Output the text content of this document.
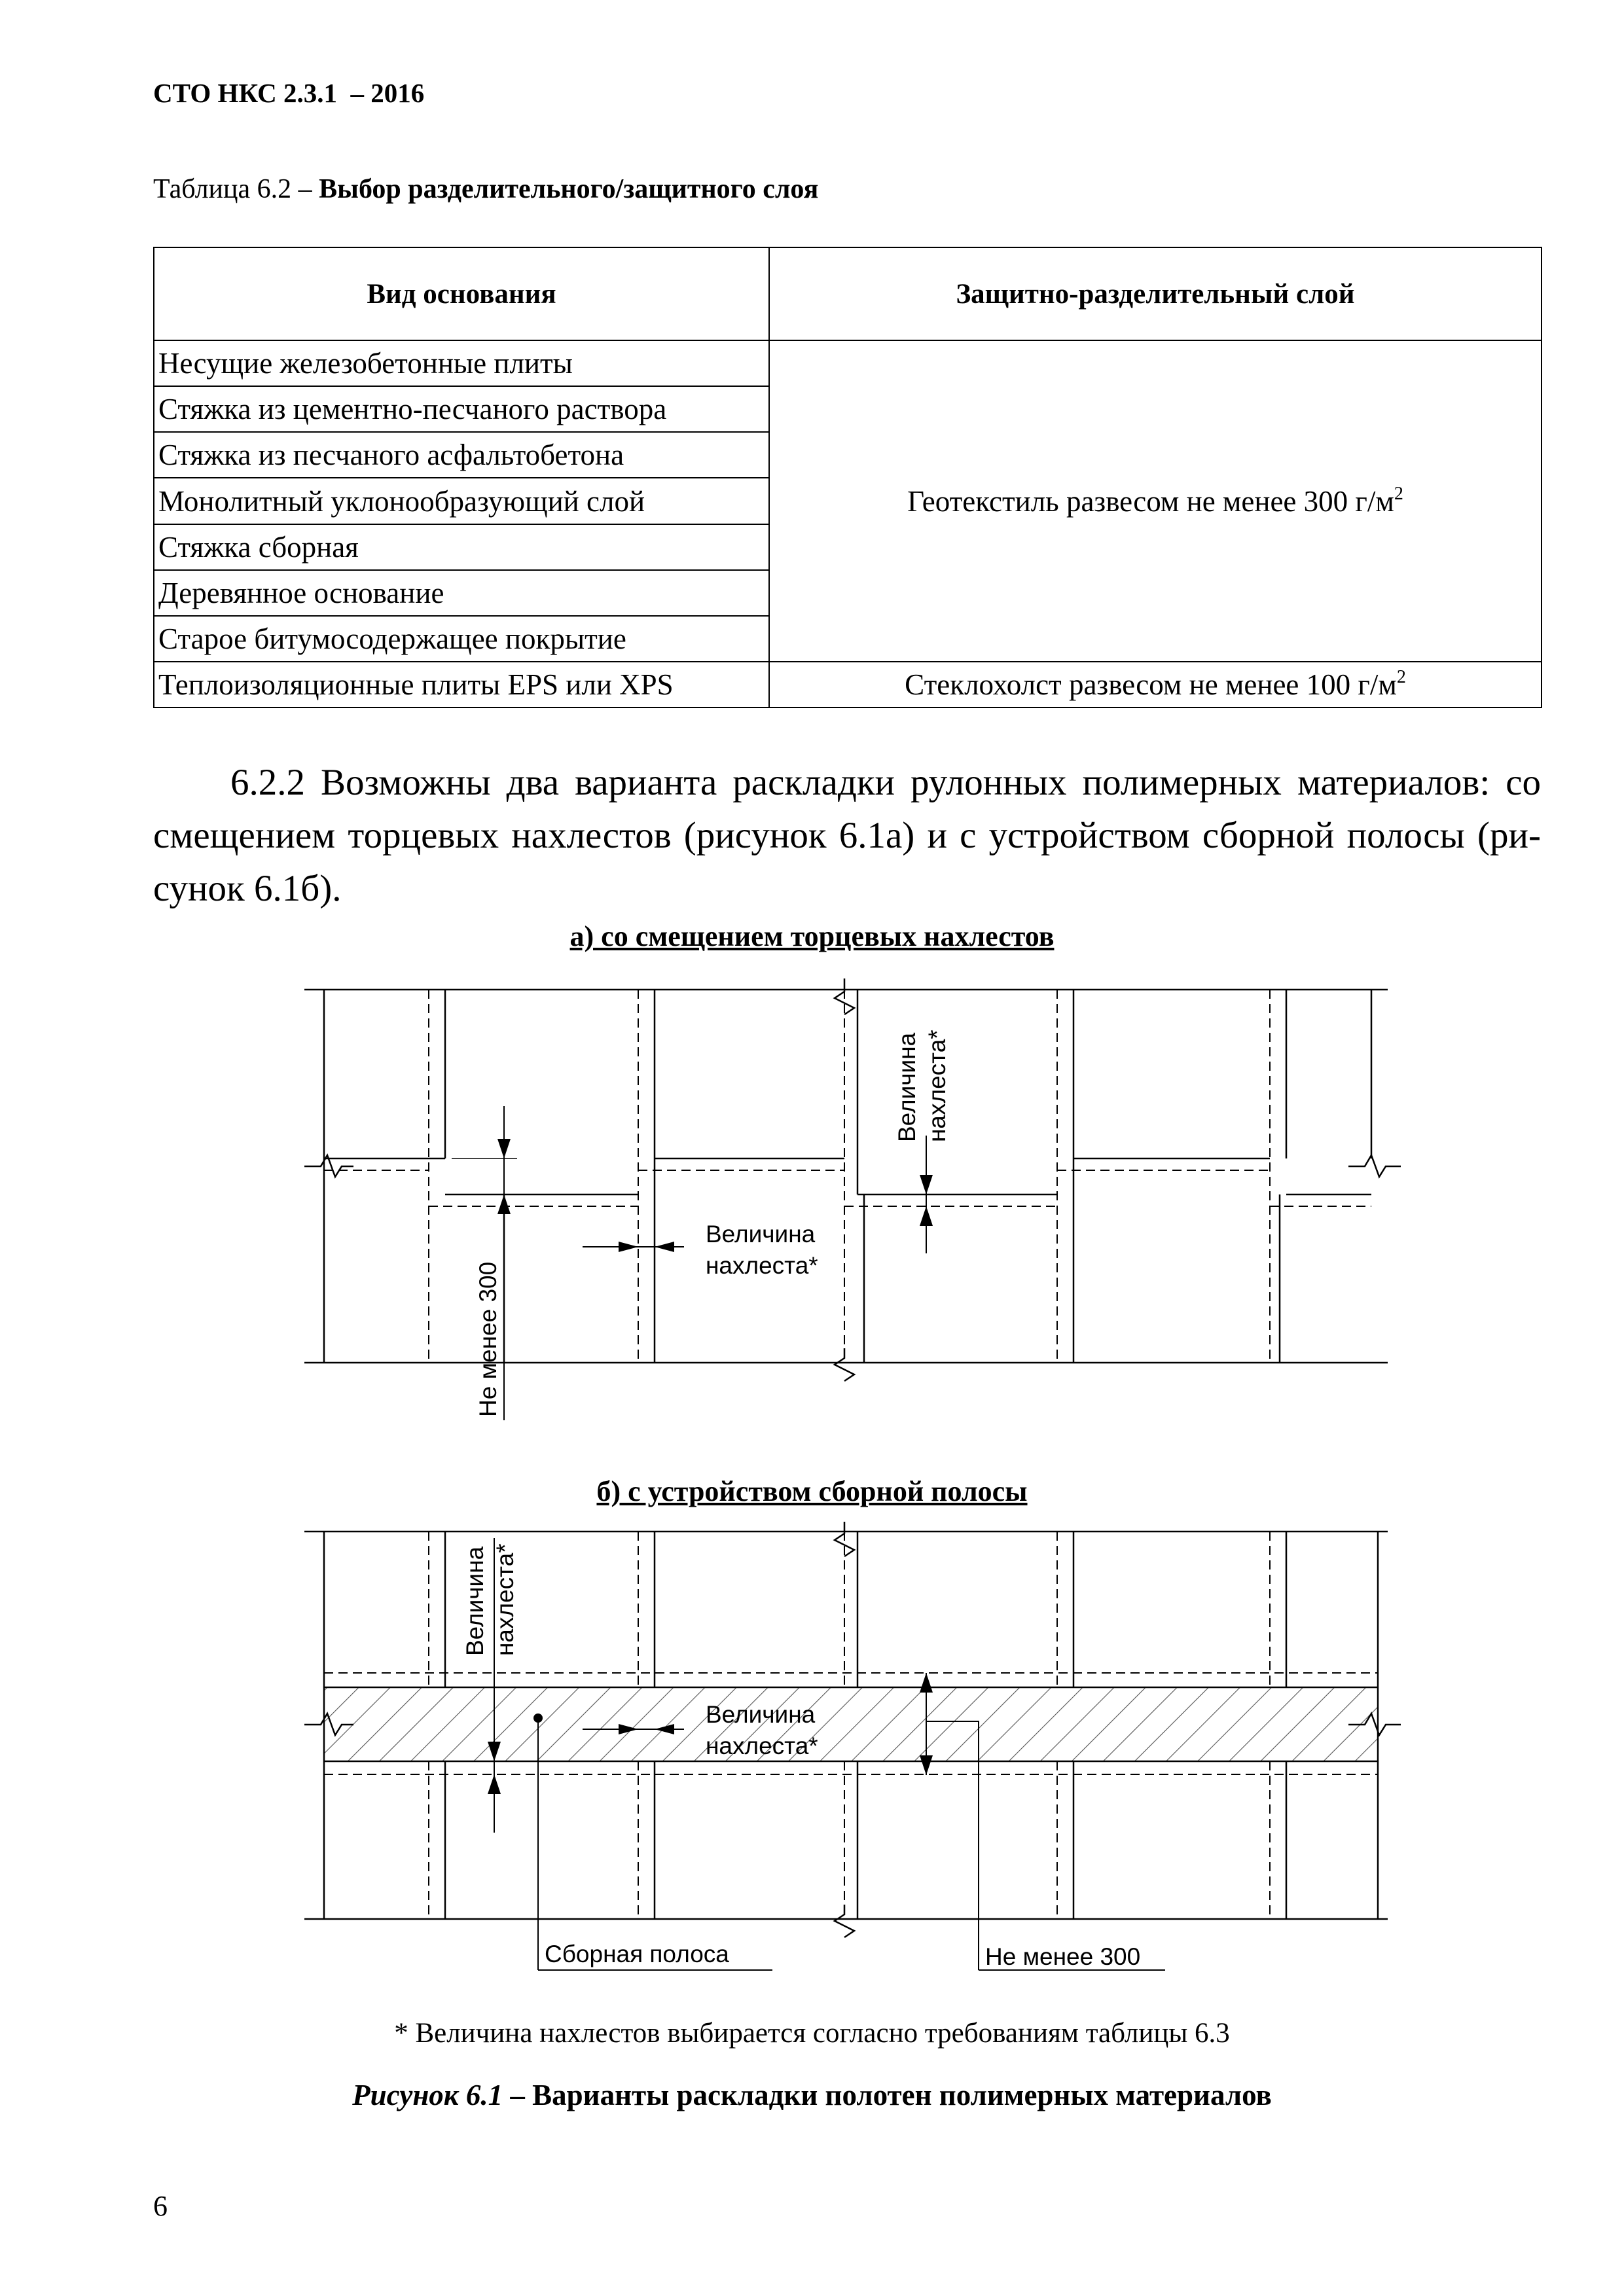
СТО НКС 2.3.1  – 2016
Таблица 6.2 – Выбор разделительного/защитного слоя
Вид основания	Защитно-разделительный слой
Несущие железобетонные плиты	Геотекстиль развесом не менее 300 $г/м^2$
Стяжка из цементно-песчаного раствора	
Стяжка из песчаного асфальтобетона	
Монолитный уклонообразующий слой	
Стяжка сборная	
Деревянное основание	
Старое битумосодержащее покрытие	
Теплоизоляционные плиты EPS или XPS	Стеклохолст развесом не менее 100 $г/м^2$
6.2.2 Возможны два варианта раскладки рулонных полимерных материалов: со
смещением торцевых нахлестов (рисунок 6.1а) и с устройством сборной полосы (ри-
сунок 6.1б).
а) со смещением торцевых нахлестов
б) с устройством сборной полосы
Не менее 300
Величина
нахлеста*
Величина нахлеста*
Величина нахлеста*
Величина
нахлеста*
Сборная полоса	Не менее 300
* Величина нахлестов выбирается согласно требованиям таблицы 6.3
Рисунок 6.1 – Варианты раскладки полотен полимерных материалов
6
